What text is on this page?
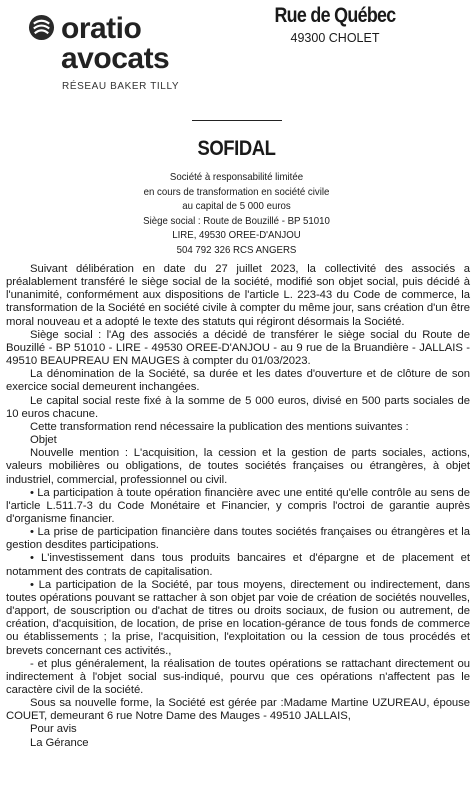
oratio
avocats
RÉSEAU BAKER TILLY
Rue de Québec
49300 CHOLET
SOFIDAL
Société à responsabilité limitée
en cours de transformation en société civile
au capital de 5 000 euros
Siège social : Route de Bouzillé - BP 51010
LIRE, 49530 OREE-D'ANJOU
504 792 326 RCS ANGERS

Suivant délibération en date du 27 juillet 2023, la collectivité des associés a préalablement transféré le siège social de la société, modifié son objet social, puis décidé à l'unanimité, conformément aux dispositions de l'article L. 223-43 du Code de commerce, la transformation de la Société en société civile à compter du même jour, sans création d'un être moral nouveau et a adopté le texte des statuts qui régiront désormais la Société.

Siège social : l'Ag des associés a décidé de transférer le siège social du Route de Bouzillé - BP 51010 - LIRE - 49530 OREE-D'ANJOU - au 9 rue de la Bruandière - JALLAIS - 49510 BEAUPREAU EN MAUGES à compter du 01/03/2023.

La dénomination de la Société, sa durée et les dates d'ouverture et de clôture de son exercice social demeurent inchangées.

Le capital social reste fixé à la somme de 5 000 euros, divisé en 500 parts sociales de 10 euros chacune.

Cette transformation rend nécessaire la publication des mentions suivantes :

Objet

Nouvelle mention : L'acquisition, la cession et la gestion de parts sociales, actions, valeurs mobilières ou obligations, de toutes sociétés françaises ou étrangères, à objet industriel, commercial, professionnel ou civil.

• La participation à toute opération financière avec une entité qu'elle contrôle au sens de l'article L.511.7-3 du Code Monétaire et Financier, y compris l'octroi de garantie auprès d'organisme financier.

• La prise de participation financière dans toutes sociétés françaises ou étrangères et la gestion desdites participations.

• L'investissement dans tous produits bancaires et d'épargne et de placement et notamment des contrats de capitalisation.

• La participation de la Société, par tous moyens, directement ou indirectement, dans toutes opérations pouvant se rattacher à son objet par voie de création de sociétés nouvelles, d'apport, de souscription ou d'achat de titres ou droits sociaux, de fusion ou autrement, de création, d'acquisition, de location, de prise en location-gérance de tous fonds de commerce ou établissements ; la prise, l'acquisition, l'exploitation ou la cession de tous procédés et brevets concernant ces activités.,

- et plus généralement, la réalisation de toutes opérations se rattachant directement ou indirectement à l'objet social sus-indiqué, pourvu que ces opérations n'affectent pas le caractère civil de la société.

Sous sa nouvelle forme, la Société est gérée par :Madame Martine UZUREAU, épouse COUET, demeurant 6 rue Notre Dame des Mauges - 49510 JALLAIS,

Pour avis

La Gérance
